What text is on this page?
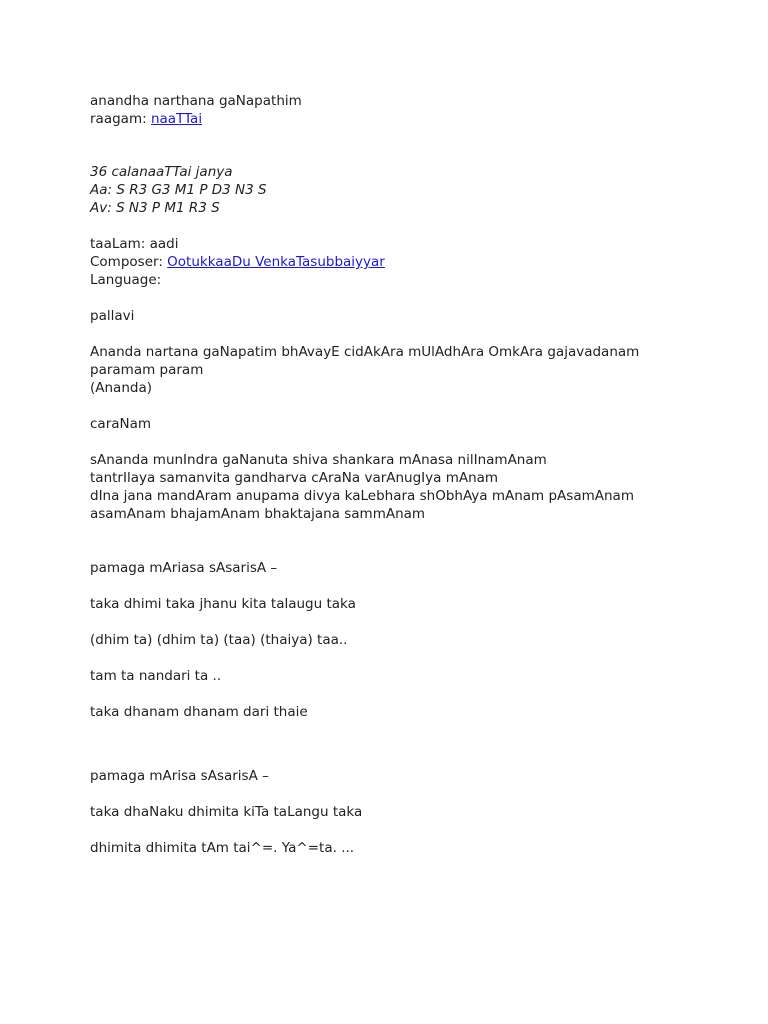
anandha narthana gaNapathim
raagam: naaTTai
36 calanaaTTai janya
Aa: S R3 G3 M1 P D3 N3 S
Av: S N3 P M1 R3 S
taaLam: aadi
Composer: OotukkaaDu VenkaTasubbaiyyar
Language:
pallavi
Ananda nartana gaNapatim bhAvayE cidAkAra mUlAdhAra OmkAra gajavadanam
paramam param
(Ananda)
caraNam
sAnanda munIndra gaNanuta shiva shankara mAnasa nilInamAnam
tantrIlaya samanvita gandharva cAraNa varAnugIya mAnam
dIna jana mandAram anupama divya kaLebhara shObhAya mAnam pAsamAnam
asamAnam bhajamAnam bhaktajana sammAnam
pamaga mAriasa sAsarisA –
taka dhimi taka jhanu kita talaugu taka
(dhim ta) (dhim ta) (taa) (thaiya) taa..
tam ta nandari ta ..
taka dhanam dhanam dari thaie
pamaga mArisa sAsarisA –
taka dhaNaku dhimita kiTa taLangu taka
dhimita dhimita tAm tai^=. Ya^=ta. ...
